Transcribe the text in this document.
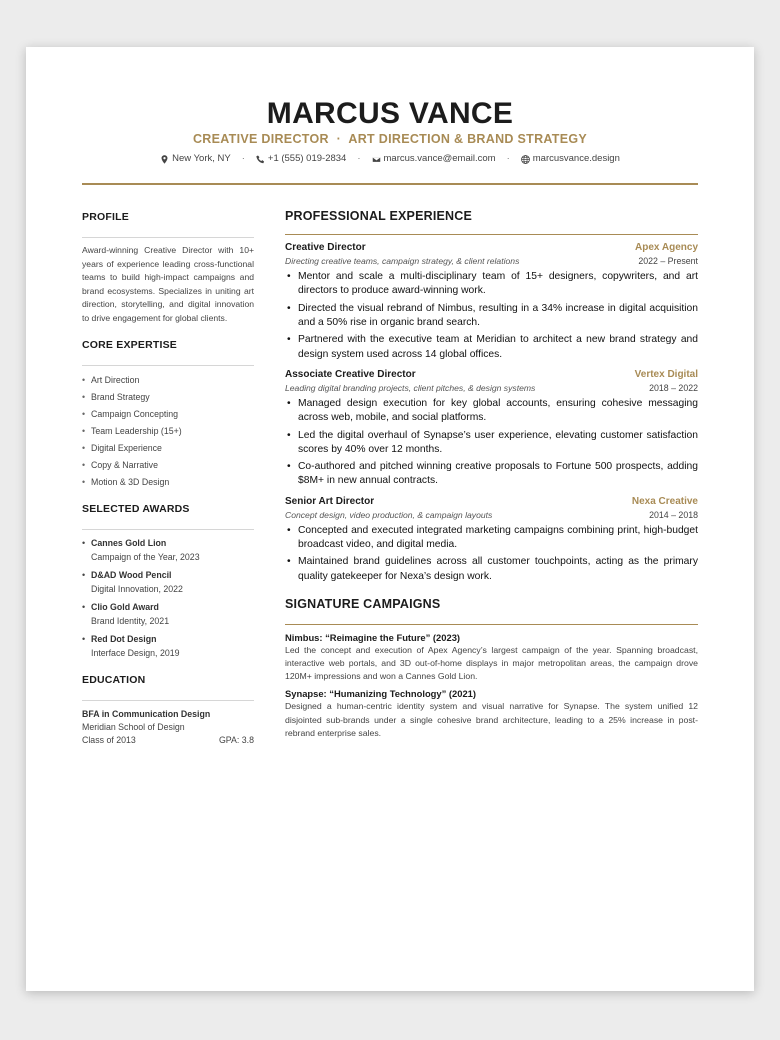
MARCUS VANCE
CREATIVE DIRECTOR · ART DIRECTION & BRAND STRATEGY
New York, NY · +1 (555) 019-2834 · marcus.vance@email.com · marcusvance.design
PROFILE
Award-winning Creative Director with 10+ years of experience leading cross-functional teams to build high-impact campaigns and brand ecosystems. Specializes in uniting art direction, storytelling, and digital innovation to drive engagement for global clients.
CORE EXPERTISE
• Art Direction
• Brand Strategy
• Campaign Concepting
• Team Leadership (15+)
• Digital Experience
• Copy & Narrative
• Motion & 3D Design
SELECTED AWARDS
• Cannes Gold Lion
Campaign of the Year, 2023
• D&AD Wood Pencil
Digital Innovation, 2022
• Clio Gold Award
Brand Identity, 2021
• Red Dot Design
Interface Design, 2019
EDUCATION
BFA in Communication Design
Meridian School of Design
Class of 2013	GPA: 3.8
PROFESSIONAL EXPERIENCE
Creative Director	Apex Agency
Directing creative teams, campaign strategy, & client relations	2022 – Present
• Mentor and scale a multi-disciplinary team of 15+ designers, copywriters, and art directors to produce award-winning work.
• Directed the visual rebrand of Nimbus, resulting in a 34% increase in digital acquisition and a 50% rise in organic brand search.
• Partnered with the executive team at Meridian to architect a new brand strategy and design system used across 14 global offices.
Associate Creative Director	Vertex Digital
Leading digital branding projects, client pitches, & design systems	2018 – 2022
• Managed design execution for key global accounts, ensuring cohesive messaging across web, mobile, and social platforms.
• Led the digital overhaul of Synapse’s user experience, elevating customer satisfaction scores by 40% over 12 months.
• Co-authored and pitched winning creative proposals to Fortune 500 prospects, adding $8M+ in new annual contracts.
Senior Art Director	Nexa Creative
Concept design, video production, & campaign layouts	2014 – 2018
• Concepted and executed integrated marketing campaigns combining print, high-budget broadcast video, and digital media.
• Maintained brand guidelines across all customer touchpoints, acting as the primary quality gatekeeper for Nexa’s design work.
SIGNATURE CAMPAIGNS
Nimbus: “Reimagine the Future” (2023)
Led the concept and execution of Apex Agency’s largest campaign of the year. Spanning broadcast, interactive web portals, and 3D out-of-home displays in major metropolitan areas, the campaign drove 120M+ impressions and won a Cannes Gold Lion.
Synapse: “Humanizing Technology” (2021)
Designed a human-centric identity system and visual narrative for Synapse. The system unified 12 disjointed sub-brands under a single cohesive brand architecture, leading to a 25% increase in post-rebrand enterprise sales.
